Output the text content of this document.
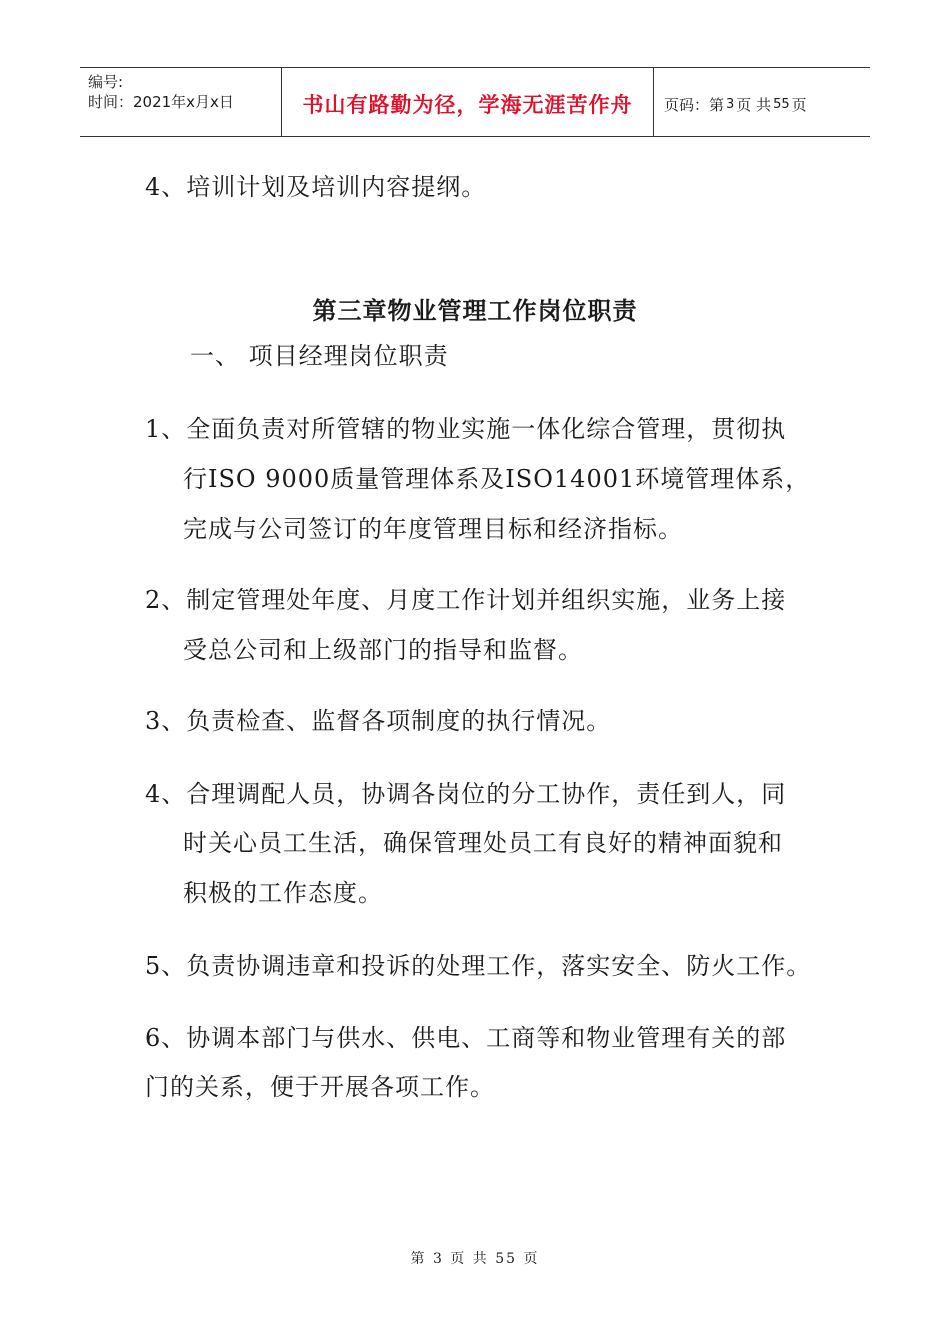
编号:
时间：2021年x月x日	书山有路勤为径，学海无涯苦作舟	页码：第 3 页 共 55 页
4、培训计划及培训内容提纲。
第三章物业管理工作岗位职责
一、 项目经理岗位职责
1、全面负责对所管辖的物业实施一体化综合管理，贯彻执
行ISO 9000质量管理体系及ISO14001环境管理体系，
完成与公司签订的年度管理目标和经济指标。
2、制定管理处年度、月度工作计划并组织实施，业务上接
受总公司和上级部门的指导和监督。
3、负责检查、监督各项制度的执行情况。
4、合理调配人员，协调各岗位的分工协作，责任到人，同
时关心员工生活，确保管理处员工有良好的精神面貌和
积极的工作态度。
5、负责协调违章和投诉的处理工作，落实安全、防火工作。
6、协调本部门与供水、供电、工商等和物业管理有关的部
门的关系，便于开展各项工作。
第 3 页 共 55 页
